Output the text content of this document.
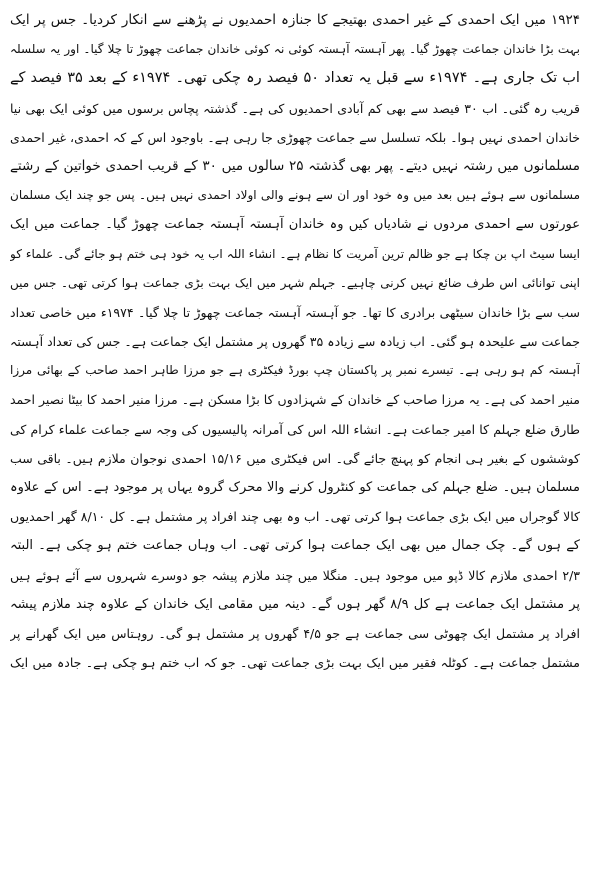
۱۹۲۴ میں ایک احمدی کے غیر احمدی بھتیجے کا جنازہ احمدیوں نے پڑھنے سے انکار کردیا۔ جس پر ایک
بہت بڑا خاندان جماعت چھوڑ گیا۔ پھر آہستہ آہستہ کوئی نہ کوئی خاندان جماعت چھوڑ تا چلا گیا۔ اور یہ سلسلہ
اب تک جاری ہے۔ ۱۹۷۴ء سے قبل یہ تعداد ۵۰ فیصد رہ چکی تھی۔ ۱۹۷۴ء کے بعد ۳۵ فیصد کے
قریب رہ گئی۔ اب ۳۰ فیصد سے بھی کم آبادی احمدیوں کی ہے۔ گذشتہ پچاس برسوں میں کوئی ایک بھی نیا
خاندان احمدی نہیں ہوا۔ بلکہ تسلسل سے جماعت چھوڑی جا رہی ہے۔ باوجود اس کے کہ احمدی، غیر احمدی
مسلمانوں میں رشتہ نہیں دیتے۔ پھر بھی گذشتہ ۲۵ سالوں میں ۳۰ کے قریب احمدی خواتین کے رشتے
مسلمانوں سے ہوئے ہیں بعد میں وہ خود اور ان سے ہونے والی اولاد احمدی نہیں ہیں۔ پس جو چند ایک مسلمان
عورتوں سے احمدی مردوں نے شادیاں کیں وہ خاندان آہستہ آہستہ جماعت چھوڑ گیا۔ جماعت میں ایک
ایسا سیٹ اپ بن چکا ہے جو ظالم ترین آمریت کا نظام ہے۔ انشاء اللہ اب یہ خود ہی ختم ہو جائے گی۔ علماء کو
اپنی توانائی اس طرف ضائع نہیں کرنی چاہیے۔ جہلم شہر میں ایک بہت بڑی جماعت ہوا کرتی تھی۔ جس میں
سب سے بڑا خاندان سیٹھی برادری کا تھا۔ جو آہستہ آہستہ جماعت چھوڑ تا چلا گیا۔ ۱۹۷۴ء میں خاصی تعداد
جماعت سے علیحدہ ہو گئی۔ اب زیادہ سے زیادہ ۳۵ گھروں پر مشتمل ایک جماعت ہے۔ جس کی تعداد آہستہ
آہستہ کم ہو رہی ہے۔ تیسرے نمبر پر پاکستان چپ بورڈ فیکٹری ہے جو مرزا طاہر احمد صاحب کے بھائی مرزا
منیر احمد کی ہے۔ یہ مرزا صاحب کے خاندان کے شہزادوں کا بڑا مسکن ہے۔ مرزا منیر احمد کا بیٹا نصیر احمد
طارق ضلع جہلم کا امیر جماعت ہے۔ انشاء اللہ اس کی آمرانہ پالیسیوں کی وجہ سے جماعت علماء کرام کی
کوششوں کے بغیر ہی انجام کو پہنچ جائے گی۔ اس فیکٹری میں ۱۵/۱۶ احمدی نوجوان ملازم ہیں۔ باقی سب
مسلمان ہیں۔ ضلع جہلم کی جماعت کو کنٹرول کرنے والا محرک گروہ یہاں پر موجود ہے۔ اس کے علاوہ
کالا گوجراں میں ایک بڑی جماعت ہوا کرتی تھی۔ اب وہ بھی چند افراد پر مشتمل ہے۔ کل ۸/۱۰ گھر احمدیوں
کے ہوں گے۔ چک جمال میں بھی ایک جماعت ہوا کرتی تھی۔ اب وہاں جماعت ختم ہو چکی ہے۔ البتہ
۲/۳ احمدی ملازم کالا ڈپو میں موجود ہیں۔ منگلا میں چند ملازم پیشہ جو دوسرے شہروں سے آئے ہوئے ہیں
پر مشتمل ایک جماعت ہے کل ۸/۹ گھر ہوں گے۔ دینہ میں مقامی ایک خاندان کے علاوہ چند ملازم پیشہ
افراد پر مشتمل ایک چھوٹی سی جماعت ہے جو ۴/۵ گھروں پر مشتمل ہو گی۔ روہتاس میں ایک گھرانے پر
مشتمل جماعت ہے۔ کوٹلہ فقیر میں ایک بہت بڑی جماعت تھی۔ جو کہ اب ختم ہو چکی ہے۔ جادہ میں ایک
